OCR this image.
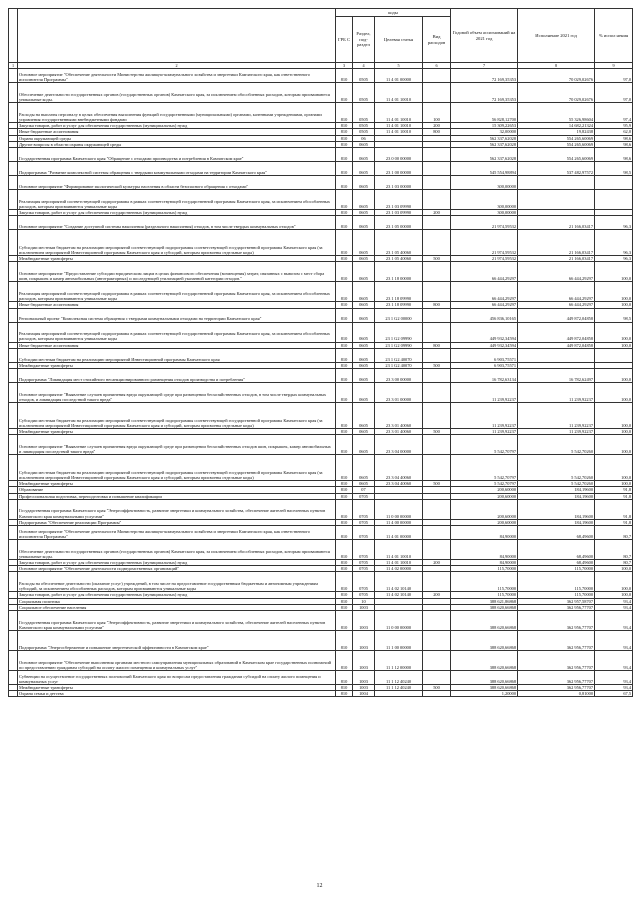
		коды				Годовой объем ассигнований на 2021 год	Исполнение 2021 год	% испол нения
		ГРБ С	Раздел, под-раздел	Целевая статья	Вид расходов			
1	2	3	4	5	6	7	8	9
	Основное мероприятие "Обеспечение деятельности Министерства жилищно-коммунального хозяйства и энергетики Камчатского края, как ответственного исполнителя Программы"	810	0505	11 4 01 00000		72 169,35353	70 029,02676	97,0
	Обеспечение деятельности государственных органов (государственных органов) Камчатского края, за исключением обособленных расходов, которым присваиваются уникальные коды.	810	0505	11 4 01 10010		72 169,35353	70 029,02676	97,0
	Расходы на выплаты персоналу в целях обеспечения выполнения функций государственными (муниципальными) органами, казенными учреждениями, органами управления государственными внебюджетными фондами	810	0505	11 4 01 10010	100	56 828,12700	55 326,98604	97,4
	Закупка товаров, работ и услуг для обеспечения государственных (муниципальных) нужд	810	0505	11 4 01 10010	200	15 309,22653	14 682,21324	95,9
	Иные бюджетные ассигнования	810	0505	11 4 01 10010	800	32,00000	19,82438	62,0
	Охрана окружающей среды	810	06			562 337,62028	554 265,60069	98,6
	Другие вопросы в области охраны окружающей среды	810	0605			562 337,62028	554 265,60069	98,6
	Государственная программа Камчатского края "Обращение с отходами производства и потребления в Камчатском крае"	810	0605	23 0 00 00000		562 337,62028	554 265,60069	98,6
	Подпрограмма "Развитие комплексной системы обращения с твердыми коммунальными отходами на территории Камчатского края"	810	0605	23 1 00 00000		545 554,98894	537 482,97572	98,5
	Основное мероприятие "Формирование экологической культуры населения в области безопасного обращения с отходами"	810	0605	23 1 03 00000		300,00000		
	Реализация мероприятий соответствующей подпрограммы в рамках соответствующей государственной программы Камчатского края, за исключением обособленных расходов, которым присваиваются уникальные коды	810	0605	23 1 03 09990		300,00000		
	Закупка товаров, работ и услуг для обеспечения государственных (муниципальных) нужд	810	0605	23 1 03 09990	200	300,00000		
	Основное мероприятие "Создание доступной системы накопления (раздельного накопления) отходов, в том числе твердых коммунальных отходов"	810	0605	23 1 05 00000		21 974,59532	21 166,03417	96,3
	Субсидии местным бюджетам на реализацию мероприятий соответствующей подпрограммы соответствующей государственной программы Камчатского края (за исключением мероприятий Инвестиционной программы Камчатского края и субсидий, которым присвоены отдельные коды)	810	0605	23 1 05 40060		21 974,59532	21 166,03417	96,3
	Межбюджетные трансферты	810	0605	23 1 05 40060	500	21 974,59532	21 166,03417	96,3
	Основное мероприятие "Предоставление субсидии юридическим лицам в целях финансового обеспечения (возмещения) затрат, связанных с вывозом с мест сбора шин, покрышек и камер автомобильных (автотракторных) и последующей утилизацией указанной категории отходов."	810	0605	23 1 18 00000		66 444,29297	66 444,29297	100,0
	Реализация мероприятий соответствующей подпрограммы в рамках соответствующей государственной программы Камчатского края, за исключением обособленных расходов, которым присваиваются уникальные коды	810	0605	23 1 18 09990		66 444,29297	66 444,29297	100,0
	Иные бюджетные ассигнования	810	0605	23 1 18 09990	800	66 444,29297	66 444,29297	100,0
	Региональный проект "Комплексная система обращения с твердыми коммунальными отходами на территории Камчатского края"	810	0605	23 1 G2 00000		456 836,10165	449 872,04858	98,5
	Реализация мероприятий соответствующей подпрограммы в рамках соответствующей государственной программы Камчатского края, за исключением обособленных расходов, которым присваиваются уникальные коды	810	0605	23 1 G2 09990		449 932,34594	449 872,04858	100,0
	Иные бюджетные ассигнования	810	0605	23 1 G2 09990	800	449 932,34594	449 872,04858	100,0
	Субсидии местным бюджетам на реализацию мероприятий Инвестиционной программы Камчатского края	810	0605	23 1 G2 40070		6 903,75571		
	Межбюджетные трансферты	810	0605	23 1 G2 40070	500	6 903,75571		
	Подпрограмма "Ликвидация мест стихийного несанкционированного размещения отходов производства и потребления"	810	0605	23 3 00 00000		16 782,63134	16 782,62497	100,0
	Основное мероприятие "Выявление случаев причинения вреда окружающей среде при размещении бесхозяйственных отходов, в том числе твердых коммунальных отходов, и ликвидация последствий такого вреда"	810	0605	23 3 01 00000		11 239,92237	11 239,92237	100,0
	Субсидии местным бюджетам на реализацию мероприятий соответствующей подпрограммы соответствующей государственной программы Камчатского края (за исключением мероприятий Инвестиционной программы Камчатского края и субсидий, которым присвоены отдельные коды)	810	0605	23 3 01 40060		11 239,92237	11 239,92237	100,0
	Межбюджетные трансферты	810	0605	23 3 01 40060	500	11 239,92237	11 239,92237	100,0
	Основное мероприятие "Выявление случаев причинения вреда окружающей среде при размещении бесхозяйственных отходов шин, покрышек, камер автомобильных и ликвидация последствий такого вреда"	810	0605	23 3 04 00000		5 542,70797	5 542,70260	100,0
	Субсидии местным бюджетам на реализацию мероприятий соответствующей подпрограммы соответствующей государственной программы Камчатского края (за исключением мероприятий Инвестиционной программы Камчатского края и субсидий, которым присвоены отдельные коды)	810	0605	23 3 04 40060		5 542,70797	5 542,70260	100,0
	Межбюджетные трансферты	810	0605	23 3 04 40060	500	5 542,70797	5 542,70260	100,0
	Образование	810	07			200,60000	184,19600	91,8
	Профессиональная подготовка, переподготовка и повышение квалификации	810	0705			200,60000	184,19600	91,8
	Государственная программа Камчатского края "Энергоэффективность, развитие энергетики и коммунального хозяйства, обеспечение жителей населенных пунктов Камчатского края коммунальными услугами"	810	0705	11 0 00 00000		200,60000	184,19600	91,8
	Подпрограмма "Обеспечение реализации Программы"	810	0705	11 4 00 00000		200,60000	184,19600	91,8
	Основное мероприятие "Обеспечение деятельности Министерства жилищно-коммунального хозяйства и энергетики Камчатского края, как ответственного исполнителя Программы"	810	0705	11 4 01 00000		84,90000	68,49600	80,7
	Обеспечение деятельности государственных органов (государственных органов) Камчатского края, за исключением обособленных расходов, которым присваиваются уникальные коды.	810	0705	11 4 01 10010		84,90000	68,49600	80,7
	Закупка товаров, работ и услуг для обеспечения государственных (муниципальных) нужд	810	0705	11 4 01 10010	200	84,90000	68,49600	80,7
	Основное мероприятие "Обеспечение деятельности подведомственных организаций"	810	0705	11 4 02 00000		115,70000	115,70000	100,0
	Расходы на обеспечение деятельности (оказание услуг) учреждений, в том числе на предоставление государственным бюджетным и автономным учреждениям субсидий, за исключением обособленных расходов, которым присваиваются уникальные коды	810	0705	11 4 02 10140		115,70000	115,70000	100,0
	Закупка товаров, работ и услуг для обеспечения государственных (муниципальных) нужд	810	0705	11 4 02 10140	200	115,70000	115,70000	100,0
	Социальная политика	810	10			388 621,86868	362 957,58707	93,4
	Социальное обеспечение населения	810	1003			388 620,66868	362 956,77707	93,4
	Государственная программа Камчатского края "Энергоэффективность, развитие энергетики и коммунального хозяйства, обеспечение жителей населенных пунктов Камчатского края коммунальными услугами"	810	1003	11 0 00 00000		388 620,66868	362 956,77707	93,4
	Подпрограмма "Энергосбережение и повышение энергетической эффективности в Камчатском крае"	810	1003	11 1 00 00000		388 620,66868	362 956,77707	93,4
	Основное мероприятие "Обеспечение выполнения органами местного самоуправления муниципальных образований в Камчатском крае государственных полномочий по предоставлению гражданам субсидий на оплату жилого помещения и коммунальных услуг"	810	1003	11 1 12 00000		388 620,66868	362 956,77707	93,4
	Субвенции на осуществление государственных полномочий Камчатского края по вопросам предоставления гражданам субсидий на оплату жилого помещения и коммунальных услуг	810	1003	11 1 12 40240		388 620,66868	362 956,77707	93,4
	Межбюджетные трансферты	810	1003	11 1 12 40240	500	388 620,66868	362 956,77707	93,4
	Охрана семьи и детства	810	1004			1,20000	0,81000	67,5
12
